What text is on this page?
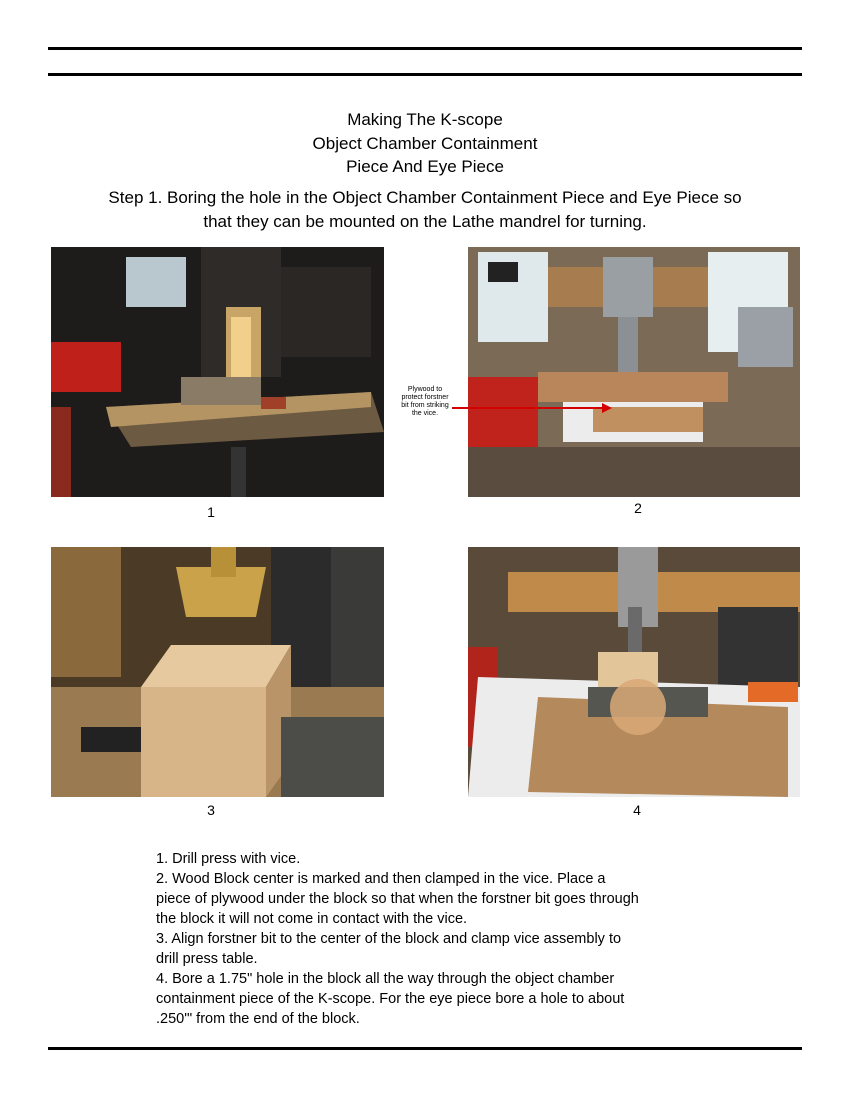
Making The K-scope
Object Chamber Containment
Piece And Eye Piece
Step 1. Boring the hole in the Object Chamber Containment Piece and Eye Piece so
that they can be mounted on the Lathe mandrel for turning.
1	2
Plywood to
protect forstner
bit from striking
the vice.
3	4
1. Drill press with vice.
2. Wood Block center is marked and then clamped in the vice. Place a
piece of plywood under the block so that when the forstner bit goes through
the block it will not come in contact with the vice.
3. Align forstner bit to the center of the block and clamp vice assembly to
drill press table.
4. Bore a 1.75" hole in the block all the way through the object chamber
containment piece of the K-scope. For the eye piece bore a hole to about
.250'" from the end of the block.
